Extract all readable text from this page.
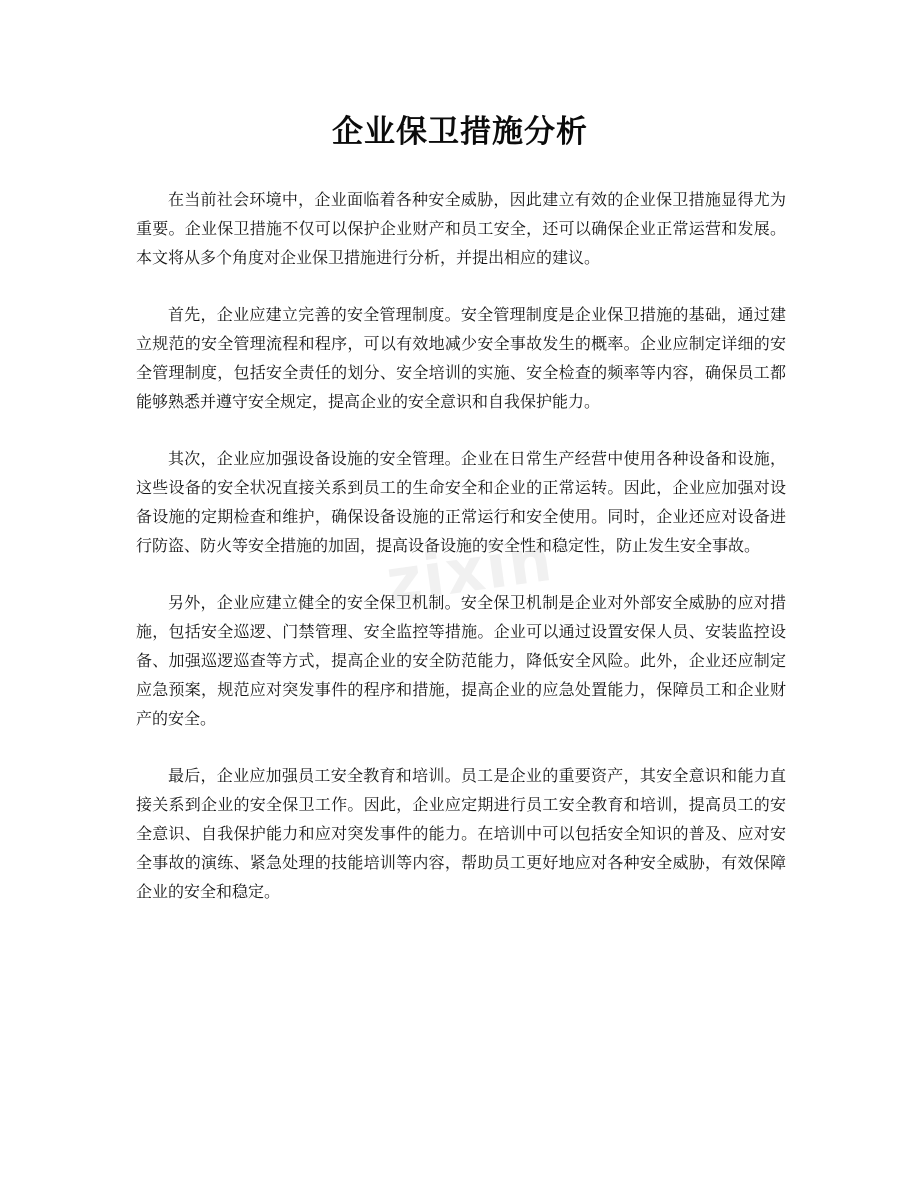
企业保卫措施分析

在当前社会环境中，企业面临着各种安全威胁，因此建立有效的企业保卫措施显得尤为重要。企业保卫措施不仅可以保护企业财产和员工安全，还可以确保企业正常运营和发展。本文将从多个角度对企业保卫措施进行分析，并提出相应的建议。

首先，企业应建立完善的安全管理制度。安全管理制度是企业保卫措施的基础，通过建立规范的安全管理流程和程序，可以有效地减少安全事故发生的概率。企业应制定详细的安全管理制度，包括安全责任的划分、安全培训的实施、安全检查的频率等内容，确保员工都能够熟悉并遵守安全规定，提高企业的安全意识和自我保护能力。

其次，企业应加强设备设施的安全管理。企业在日常生产经营中使用各种设备和设施，这些设备的安全状况直接关系到员工的生命安全和企业的正常运转。因此，企业应加强对设备设施的定期检查和维护，确保设备设施的正常运行和安全使用。同时，企业还应对设备进行防盗、防火等安全措施的加固，提高设备设施的安全性和稳定性，防止发生安全事故。

另外，企业应建立健全的安全保卫机制。安全保卫机制是企业对外部安全威胁的应对措施，包括安全巡逻、门禁管理、安全监控等措施。企业可以通过设置安保人员、安装监控设备、加强巡逻巡查等方式，提高企业的安全防范能力，降低安全风险。此外，企业还应制定应急预案，规范应对突发事件的程序和措施，提高企业的应急处置能力，保障员工和企业财产的安全。

最后，企业应加强员工安全教育和培训。员工是企业的重要资产，其安全意识和能力直接关系到企业的安全保卫工作。因此，企业应定期进行员工安全教育和培训，提高员工的安全意识、自我保护能力和应对突发事件的能力。在培训中可以包括安全知识的普及、应对安全事故的演练、紧急处理的技能培训等内容，帮助员工更好地应对各种安全威胁，有效保障企业的安全和稳定。

zixin
